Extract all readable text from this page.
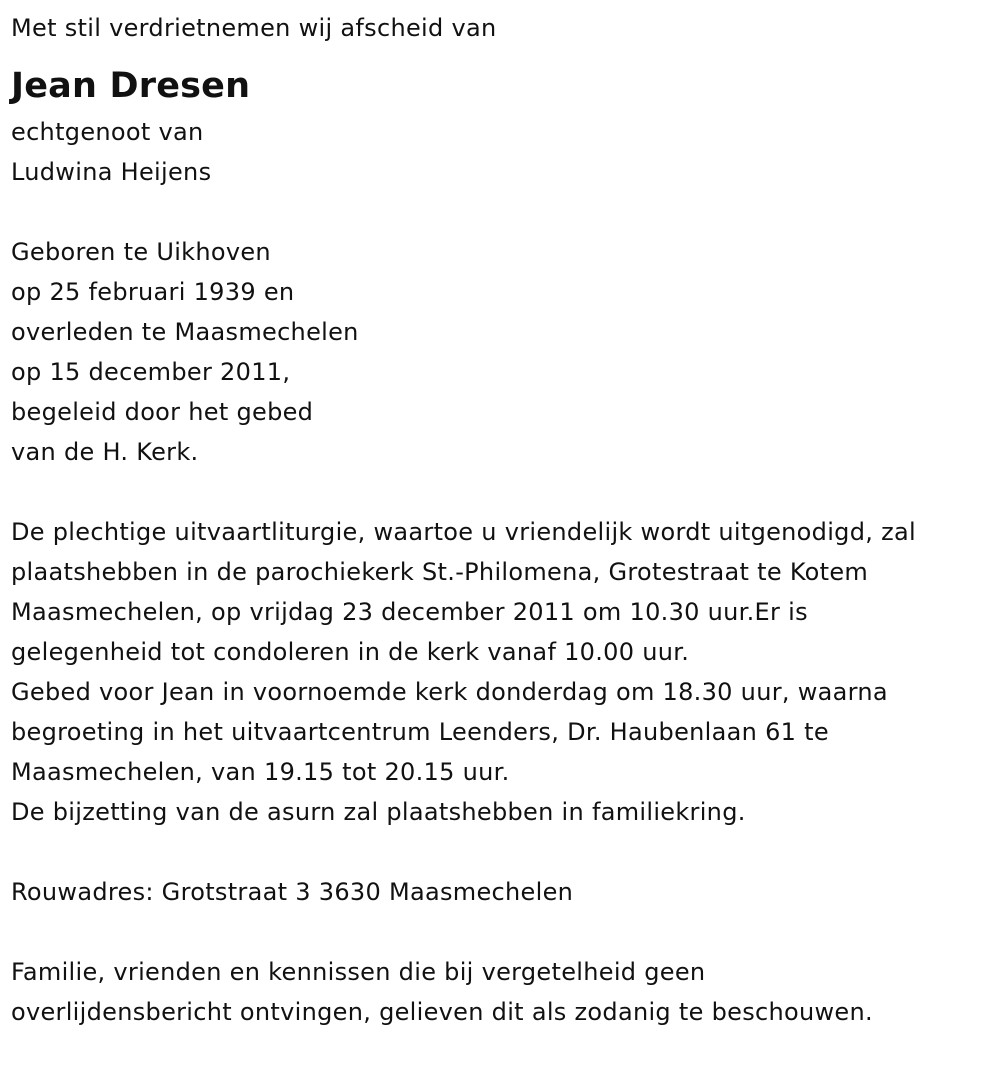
Met stil verdrietnemen wij afscheid van
Jean Dresen
echtgenoot van
Ludwina Heijens
Geboren te Uikhoven
op 25 februari 1939 en
overleden te Maasmechelen
op 15 december 2011,
begeleid door het gebed
van de H. Kerk.
De plechtige uitvaartliturgie, waartoe u vriendelijk wordt uitgenodigd, zal
plaatshebben in de parochiekerk St.-Philomena, Grotestraat te Kotem
Maasmechelen, op vrijdag 23 december 2011 om 10.30 uur.Er is
gelegenheid tot condoleren in de kerk vanaf 10.00 uur.
Gebed voor Jean in voornoemde kerk donderdag om 18.30 uur, waarna
begroeting in het uitvaartcentrum Leenders, Dr. Haubenlaan 61 te
Maasmechelen, van 19.15 tot 20.15 uur.
De bijzetting van de asurn zal plaatshebben in familiekring.
Rouwadres: Grotstraat 3 3630 Maasmechelen
Familie, vrienden en kennissen die bij vergetelheid geen
overlijdensbericht ontvingen, gelieven dit als zodanig te beschouwen.
